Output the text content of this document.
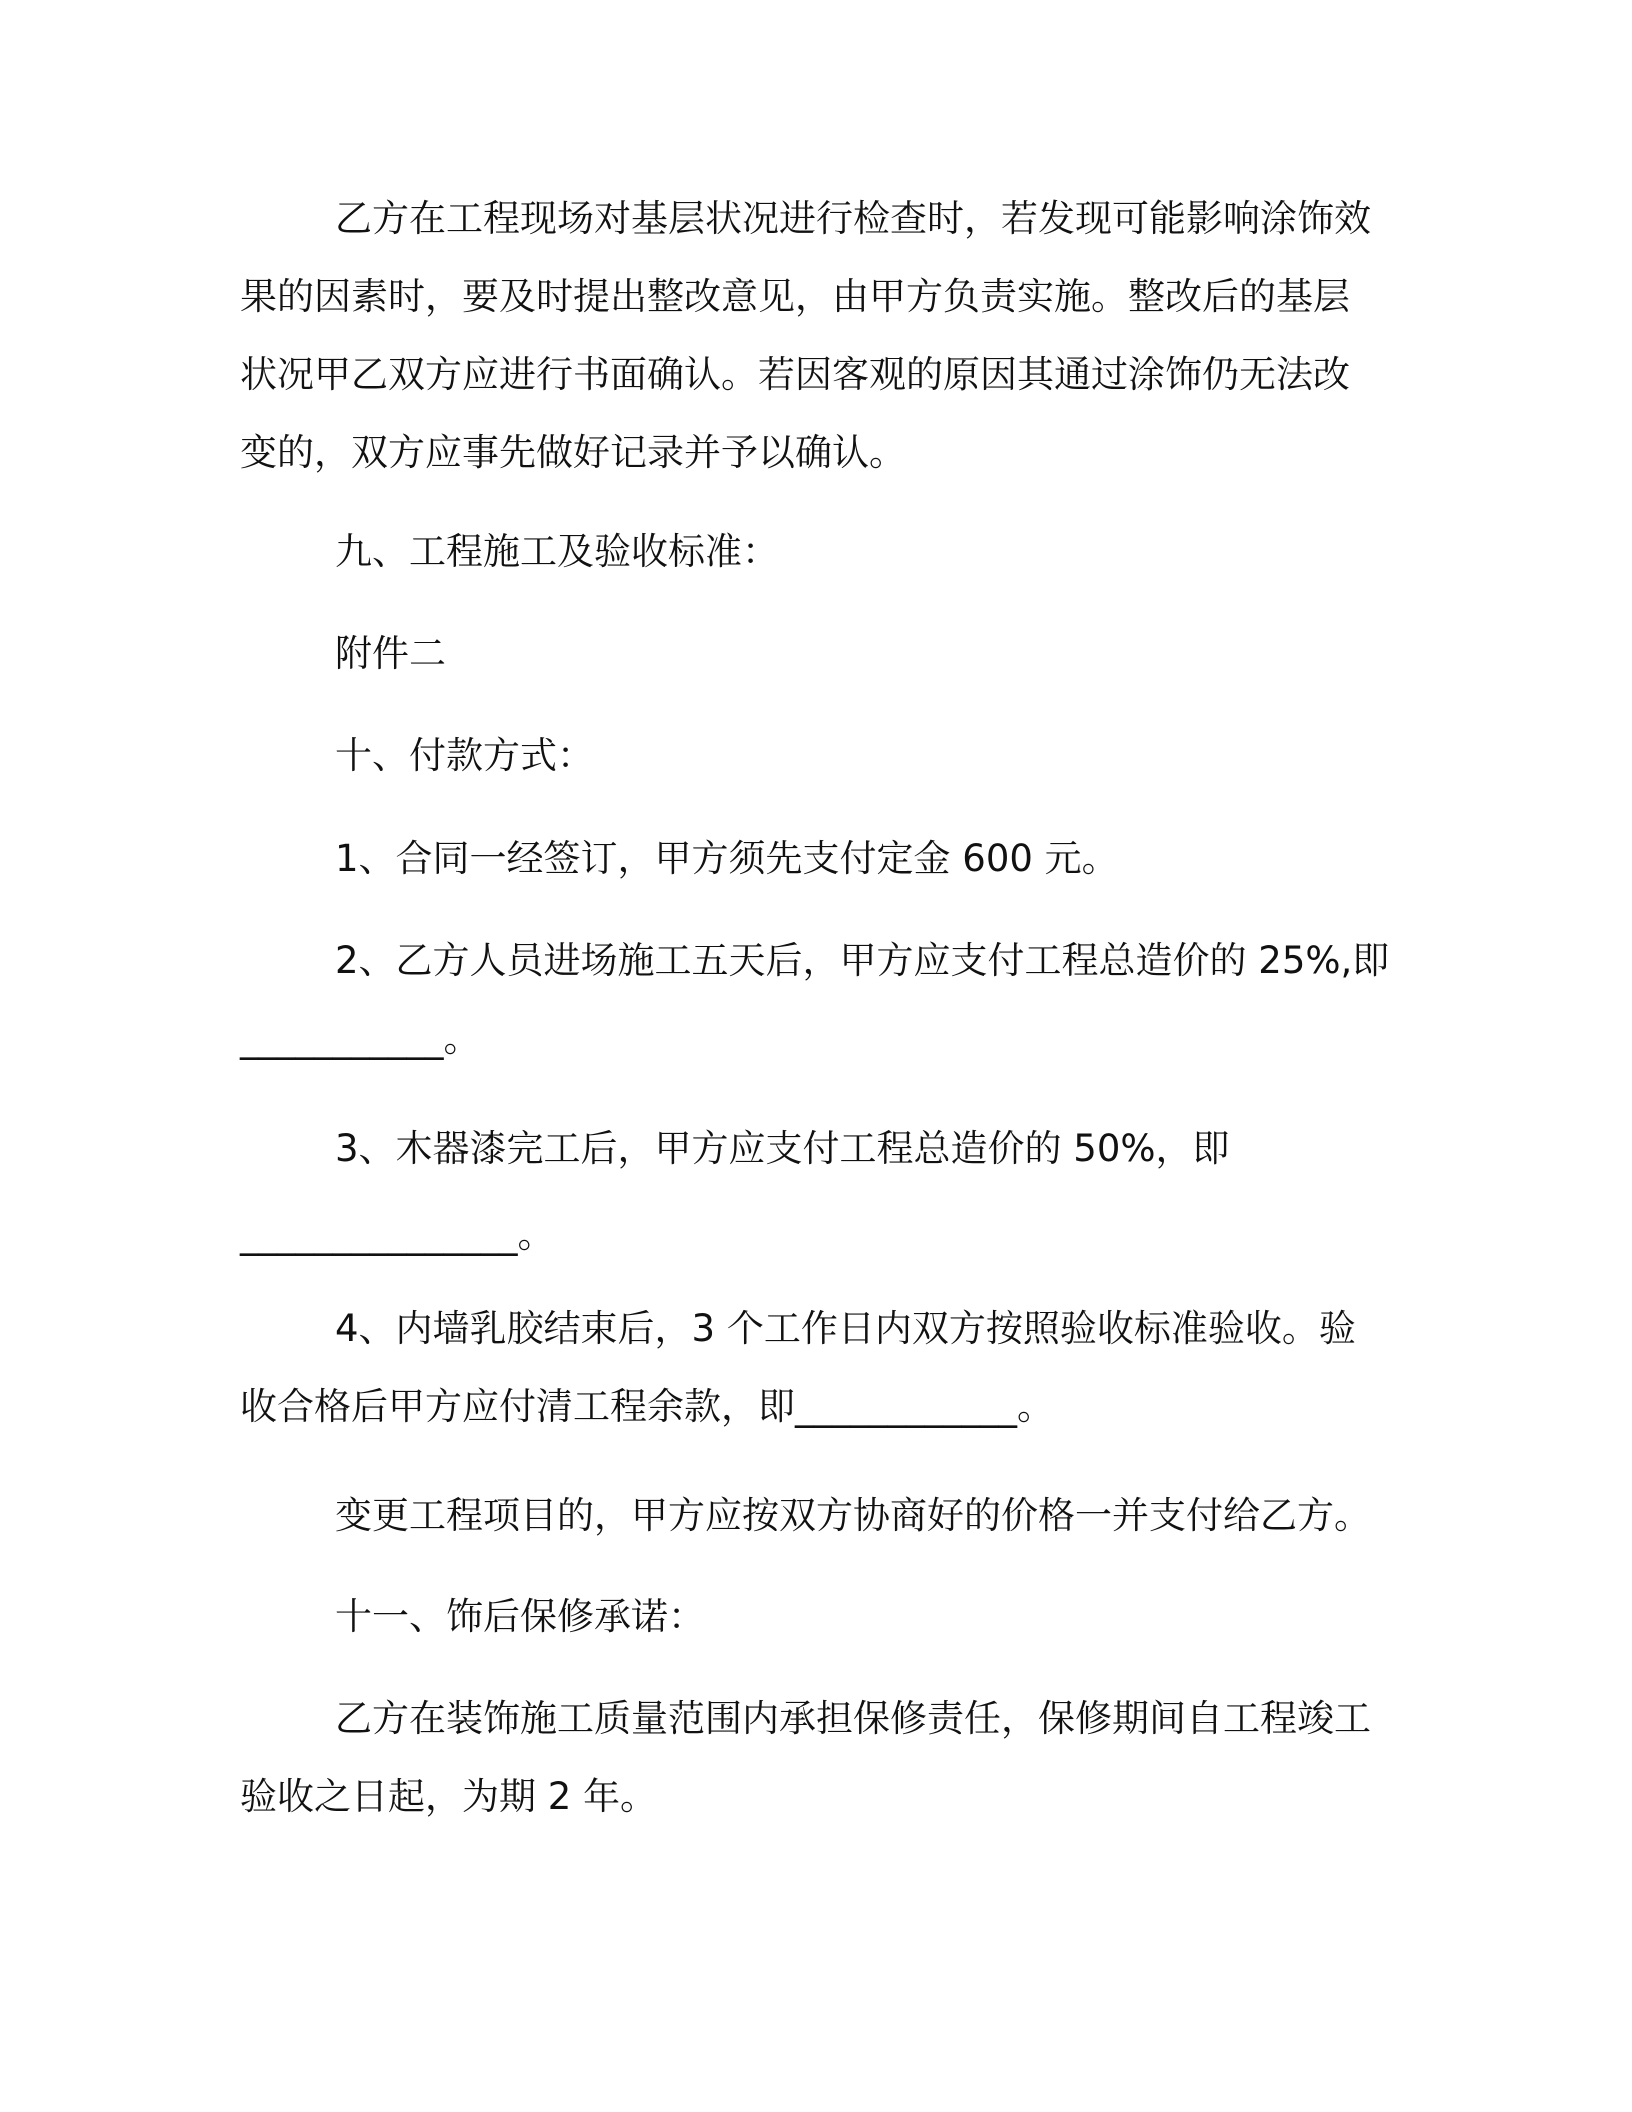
乙方在工程现场对基层状况进行检查时，若发现可能影响涂饰效
果的因素时，要及时提出整改意见，由甲方负责实施。整改后的基层
状况甲乙双方应进行书面确认。若因客观的原因其通过涂饰仍无法改
变的，双方应事先做好记录并予以确认。
九、工程施工及验收标准：
附件二
十、付款方式：
1、合同一经签订，甲方须先支付定金 600 元。
2、乙方人员进场施工五天后，甲方应支付工程总造价的 25%,即
___________。
3、木器漆完工后，甲方应支付工程总造价的 50%，即
_______________。
4、内墙乳胶结束后，3 个工作日内双方按照验收标准验收。验
收合格后甲方应付清工程余款，即____________。
变更工程项目的，甲方应按双方协商好的价格一并支付给乙方。
十一、饰后保修承诺：
乙方在装饰施工质量范围内承担保修责任，保修期间自工程竣工
验收之日起，为期 2 年。
